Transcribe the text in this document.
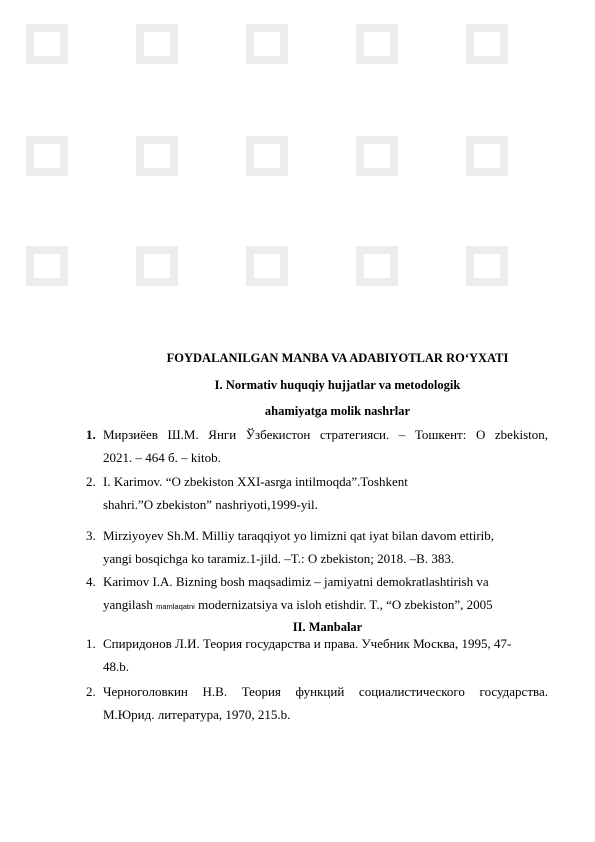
FOYDALANILGAN MANBA VA ADABIYOTLAR RO‘YXATI
I. Normativ huquqiy hujjatlar va metodologik
ahamiyatga molik nashrlar
1. Мирзиёев Ш.М. Янги Ўзбекистон стратегияси. – Тошкент: O zbekiston,
2021. – 464 б. – kitob.
2. I. Karimov. “O zbekiston XXI-asrga intilmoqda”.Toshkent
shahri.”O zbekiston” nashriyoti,1999-yil.
3. Mirziyoyev Sh.M. Milliy taraqqiyot yo limizni qat iyat bilan davom ettirib,
yangi bosqichga ko taramiz.1-jild. –T.: O zbekiston; 2018. –B. 383.
4. Karimov I.A. Bizning bosh maqsadimiz – jamiyatni demokratlashtirish va
yangilash mamlaqatni modernizatsiya va isloh etishdir. T., “O zbekiston”, 2005
II. Manbalar
1. Спиридонов Л.И. Теория государства и права. Учебник Москва, 1995, 47-
48.b.
2. Черноголовкин Н.В. Теория функций социалистического государства.
М.Юрид. литература, 1970, 215.b.
